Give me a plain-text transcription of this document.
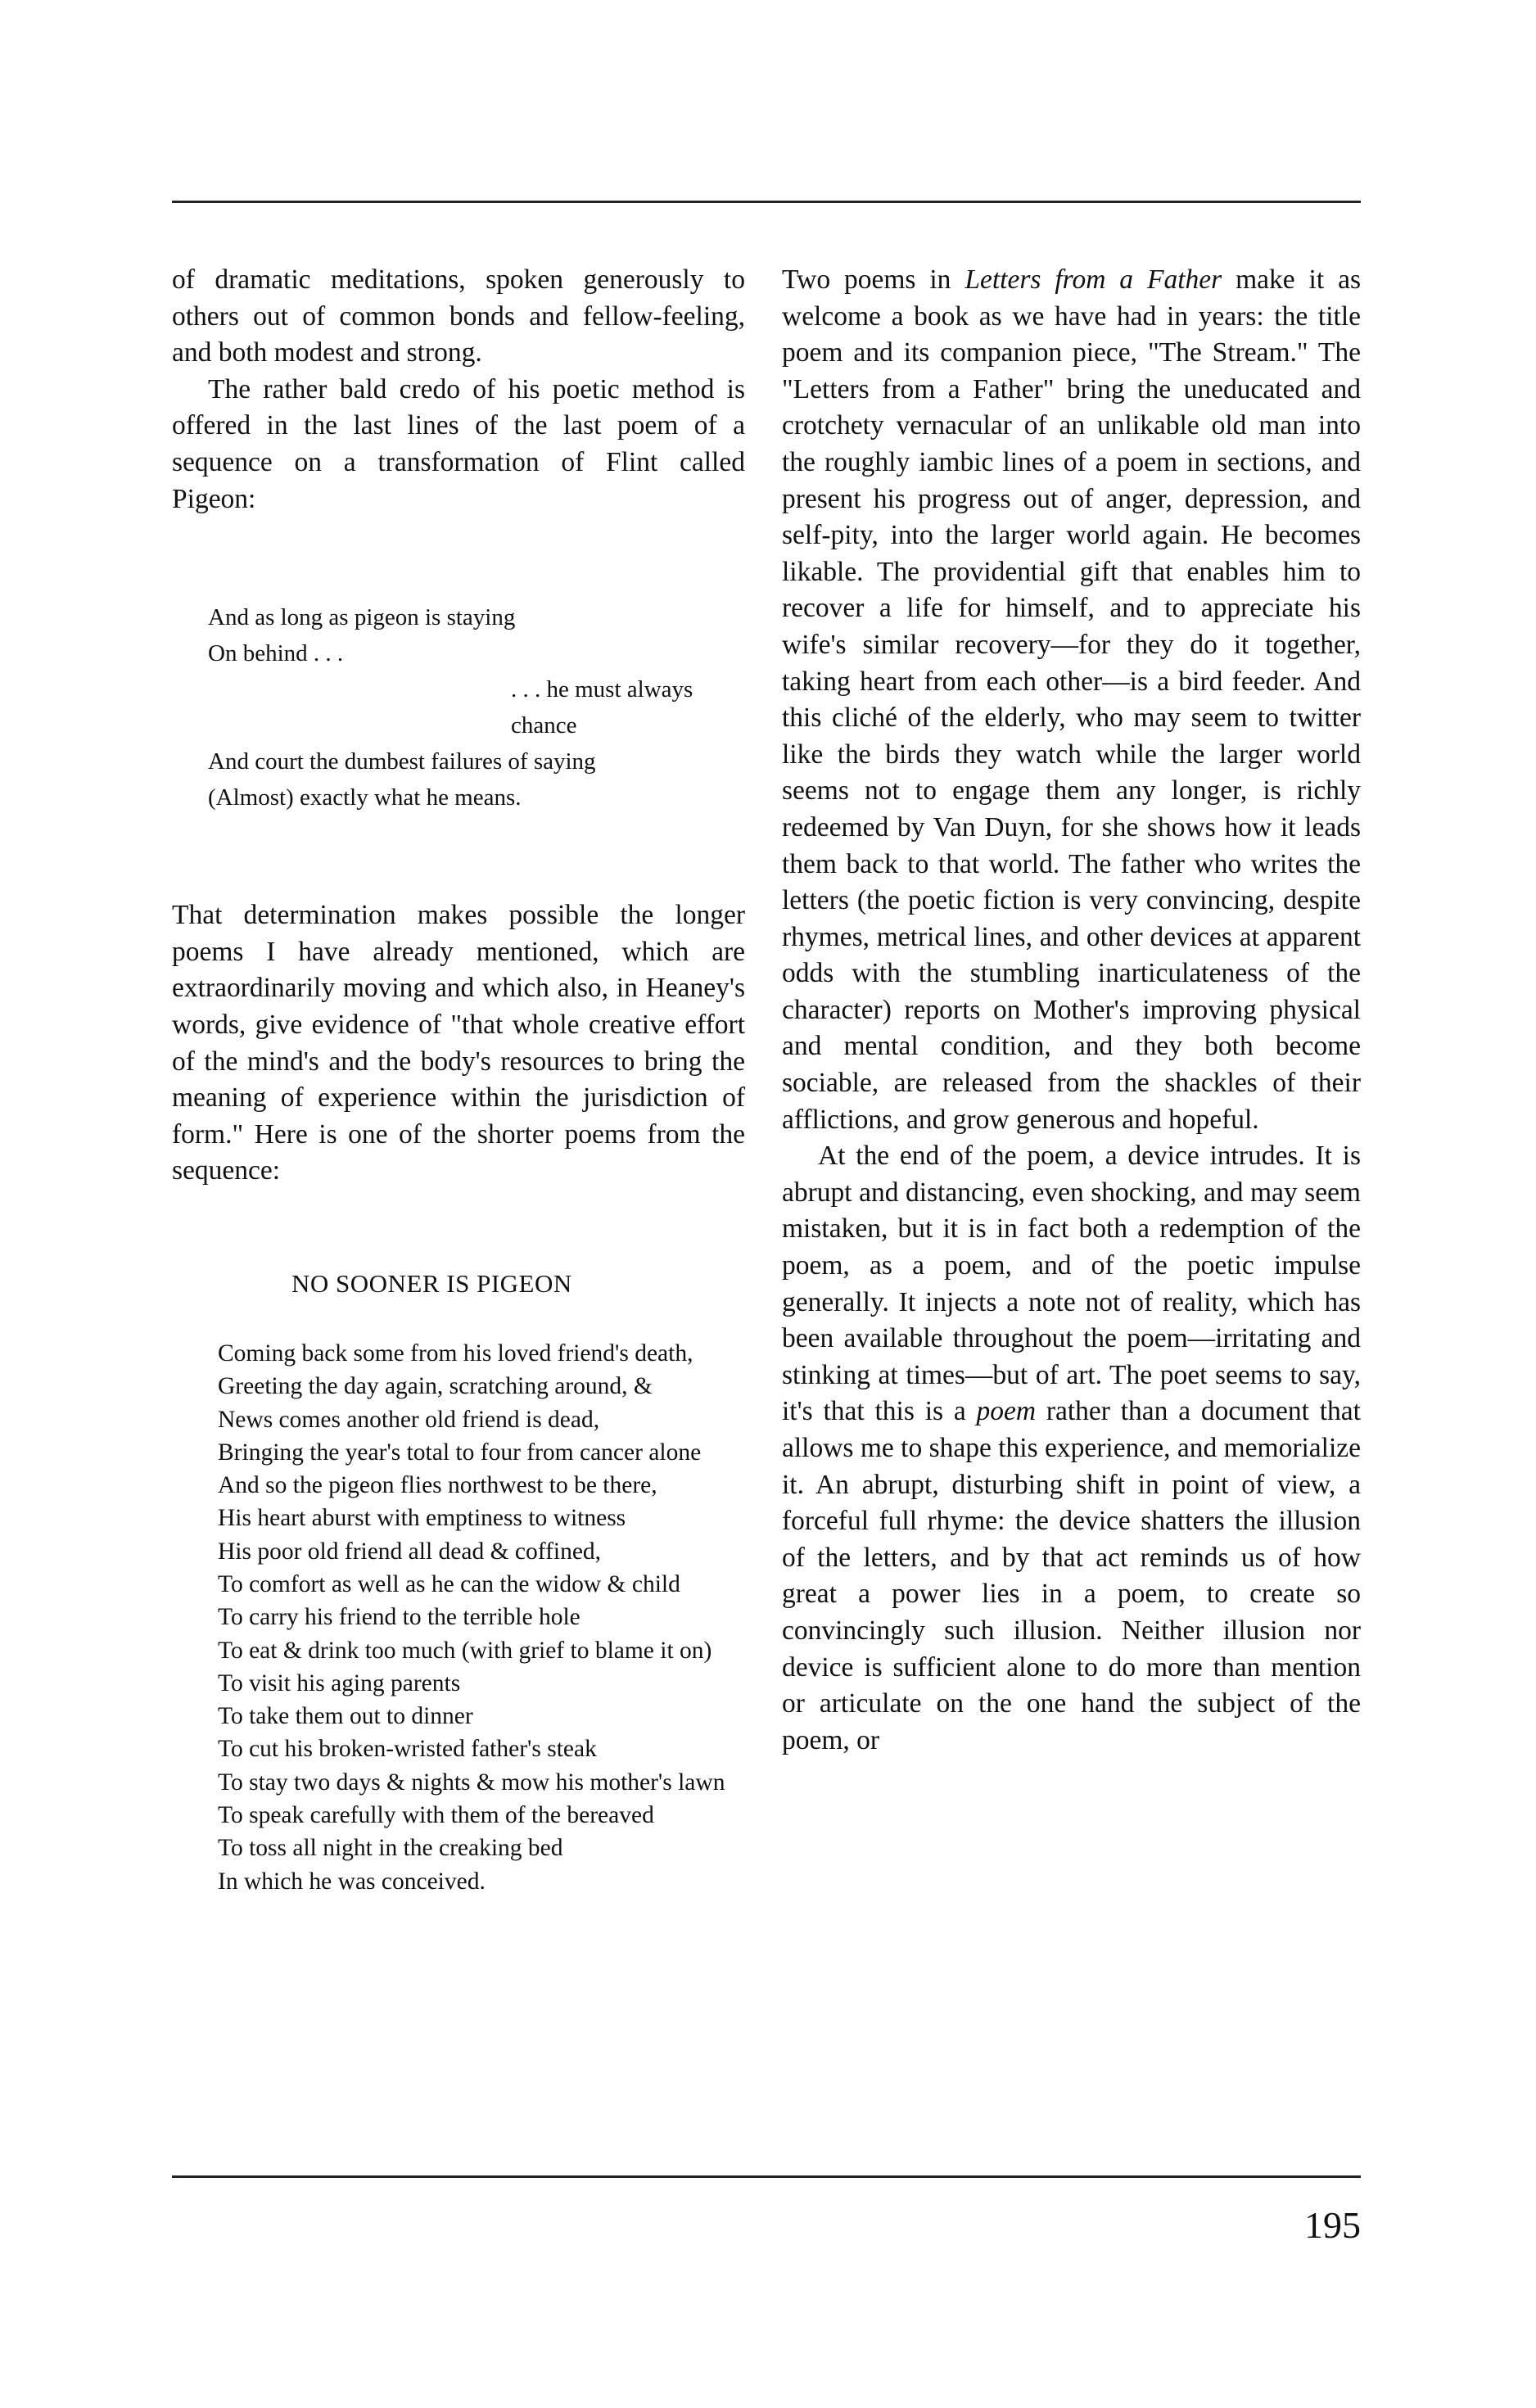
of dramatic meditations, spoken generously to others out of common bonds and fellow-feeling, and both modest and strong.

The rather bald credo of his poetic method is offered in the last lines of the last poem of a sequence on a transformation of Flint called Pigeon:

And as long as pigeon is staying
On behind . . .
. . . he must always chance
And court the dumbest failures of saying
(Almost) exactly what he means.

That determination makes possible the longer poems I have already mentioned, which are extraordinarily moving and which also, in Heaney's words, give evidence of "that whole creative effort of the mind's and the body's resources to bring the meaning of experience within the jurisdiction of form." Here is one of the shorter poems from the sequence:

NO SOONER IS PIGEON
Coming back some from his loved friend's death,
Greeting the day again, scratching around, &
News comes another old friend is dead,
Bringing the year's total to four from cancer alone
And so the pigeon flies northwest to be there,
His heart aburst with emptiness to witness
His poor old friend all dead & coffined,
To comfort as well as he can the widow & child
To carry his friend to the terrible hole
To eat & drink too much (with grief to blame it on)
To visit his aging parents
To take them out to dinner
To cut his broken-wristed father's steak
To stay two days & nights & mow his mother's lawn
To speak carefully with them of the bereaved
To toss all night in the creaking bed
In which he was conceived.

Two poems in Letters from a Father make it as welcome a book as we have had in years: the title poem and its companion piece, "The Stream." The "Letters from a Father" bring the uneducated and crotchety vernacular of an unlikable old man into the roughly iambic lines of a poem in sections, and present his progress out of anger, depression, and self-pity, into the larger world again. He becomes likable. The providential gift that enables him to recover a life for himself, and to appreciate his wife's similar recovery—for they do it together, taking heart from each other—is a bird feeder. And this cliché of the elderly, who may seem to twitter like the birds they watch while the larger world seems not to engage them any longer, is richly redeemed by Van Duyn, for she shows how it leads them back to that world. The father who writes the letters (the poetic fiction is very convincing, despite rhymes, metrical lines, and other devices at apparent odds with the stumbling inarticulateness of the character) reports on Mother's improving physical and mental condition, and they both become sociable, are released from the shackles of their afflictions, and grow generous and hopeful.

At the end of the poem, a device intrudes. It is abrupt and distancing, even shocking, and may seem mistaken, but it is in fact both a redemption of the poem, as a poem, and of the poetic impulse generally. It injects a note not of reality, which has been available throughout the poem—irritating and stinking at times—but of art. The poet seems to say, it's that this is a poem rather than a document that allows me to shape this experience, and memorialize it. An abrupt, disturbing shift in point of view, a forceful full rhyme: the device shatters the illusion of the letters, and by that act reminds us of how great a power lies in a poem, to create so convincingly such illusion. Neither illusion nor device is sufficient alone to do more than mention or articulate on the one hand the subject of the poem, or

195
